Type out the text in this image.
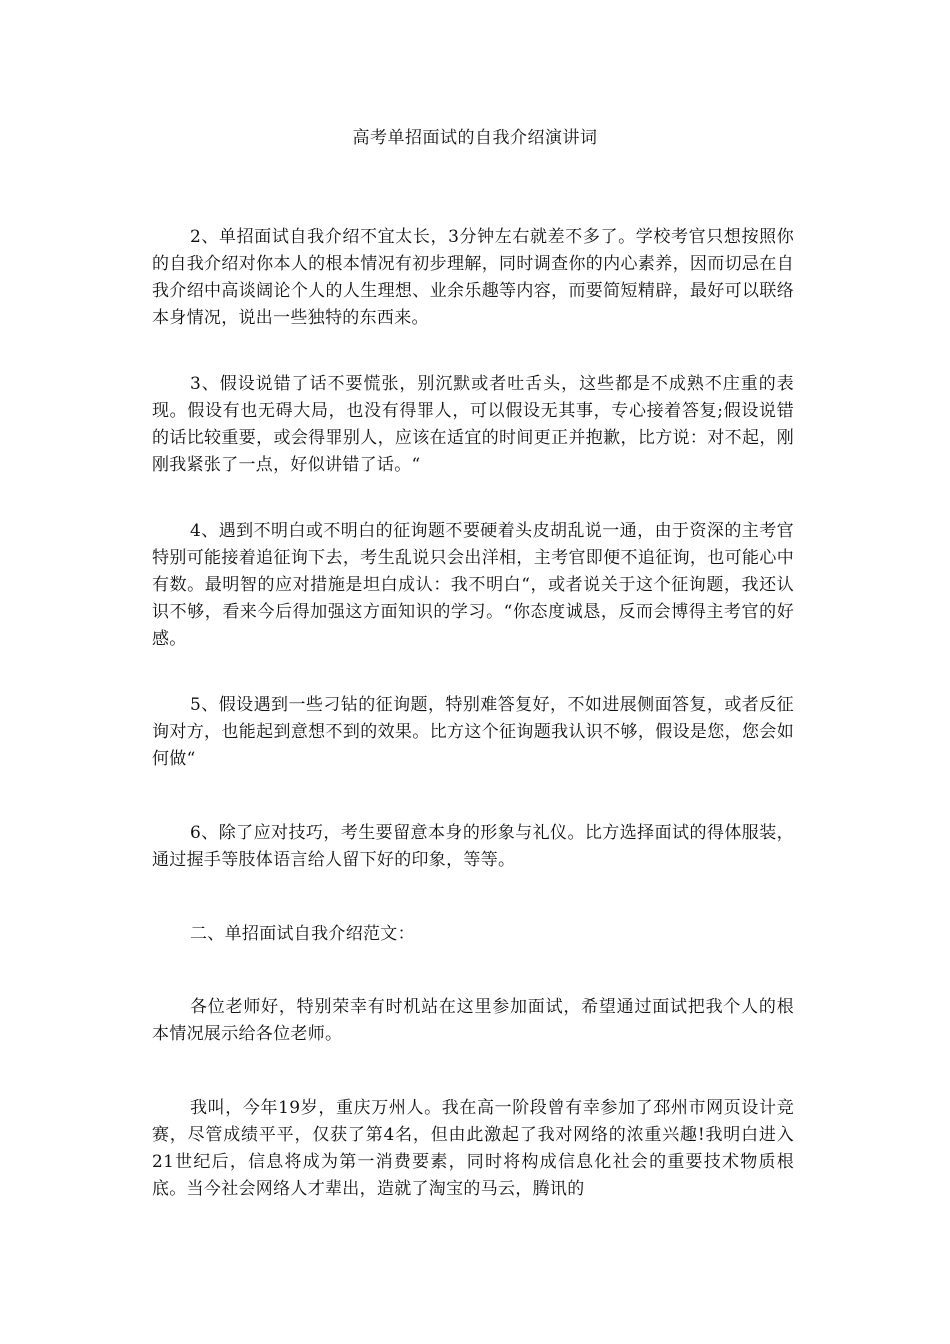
高考单招面试的自我介绍演讲词

2、单招面试自我介绍不宜太长，3分钟左右就差不多了。学校考官只想按照你的自我介绍对你本人的根本情况有初步理解，同时调查你的内心素养，因而切忌在自我介绍中高谈阔论个人的人生理想、业余乐趣等内容，而要简短精辟，最好可以联络本身情况，说出一些独特的东西来。

3、假设说错了话不要慌张，别沉默或者吐舌头，这些都是不成熟不庄重的表现。假设有也无碍大局，也没有得罪人，可以假设无其事，专心接着答复;假设说错的话比较重要，或会得罪别人，应该在适宜的时间更正并抱歉，比方说：对不起，刚刚我紧张了一点，好似讲错了话。“

4、遇到不明白或不明白的征询题不要硬着头皮胡乱说一通，由于资深的主考官特别可能接着追征询下去，考生乱说只会出洋相，主考官即便不追征询，也可能心中有数。最明智的应对措施是坦白成认：我不明白“，或者说关于这个征询题，我还认识不够，看来今后得加强这方面知识的学习。“你态度诚恳，反而会博得主考官的好感。

5、假设遇到一些刁钻的征询题，特别难答复好，不如进展侧面答复，或者反征询对方，也能起到意想不到的效果。比方这个征询题我认识不够，假设是您，您会如何做“

6、除了应对技巧，考生要留意本身的形象与礼仪。比方选择面试的得体服装，通过握手等肢体语言给人留下好的印象，等等。

二、单招面试自我介绍范文：

各位老师好，特别荣幸有时机站在这里参加面试，希望通过面试把我个人的根本情况展示给各位老师。

我叫，今年19岁，重庆万州人。我在高一阶段曾有幸参加了邳州市网页设计竞赛，尽管成绩平平，仅获了第4名，但由此激起了我对网络的浓重兴趣!我明白进入21世纪后，信息将成为第一消费要素，同时将构成信息化社会的重要技术物质根底。当今社会网络人才辈出，造就了淘宝的马云，腾讯的
